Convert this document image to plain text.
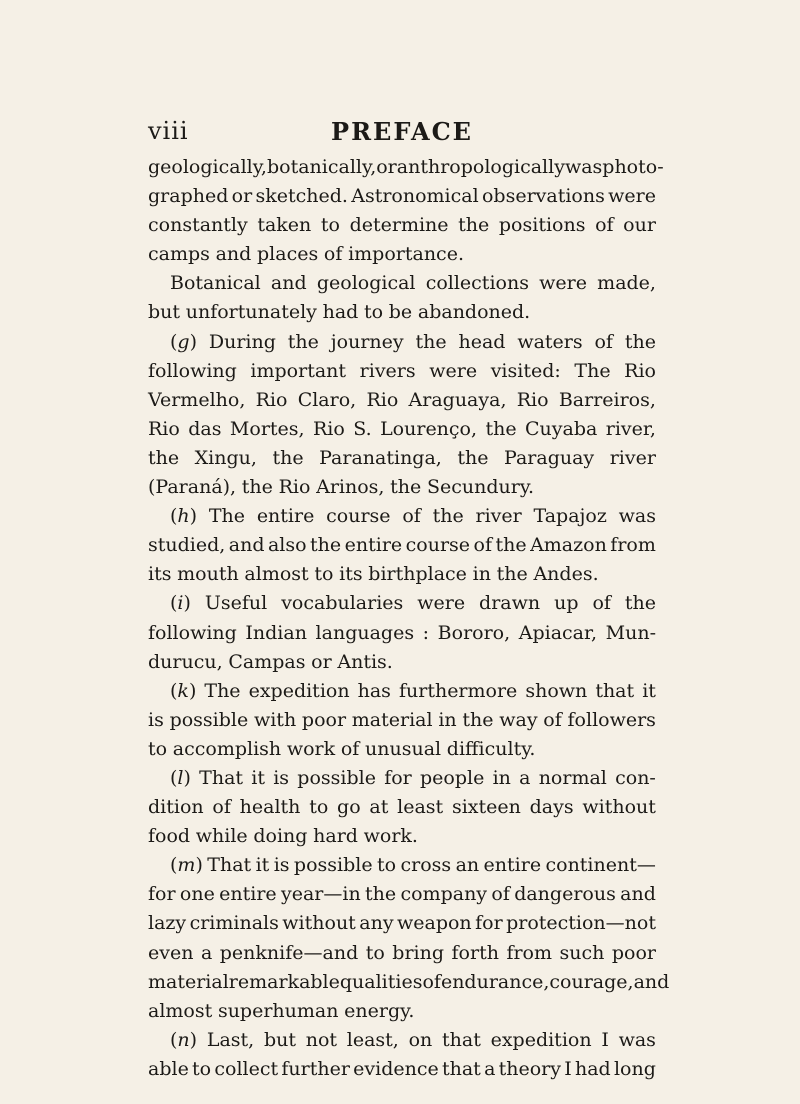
viii	PREFACE
geologically, botanically, or anthropologically was photo-
graphed or sketched. Astronomical observations were
constantly taken to determine the positions of our
camps and places of importance.
Botanical and geological collections were made,
but unfortunately had to be abandoned.
(g) During the journey the head waters of the
following important rivers were visited: The Rio
Vermelho, Rio Claro, Rio Araguaya, Rio Barreiros,
Rio das Mortes, Rio S. Lourenço, the Cuyaba river,
the Xingu, the Paranatinga, the Paraguay river
(Paraná), the Rio Arinos, the Secundury.
(h) The entire course of the river Tapajoz was
studied, and also the entire course of the Amazon from
its mouth almost to its birthplace in the Andes.
(i) Useful vocabularies were drawn up of the
following Indian languages : Bororo, Apiacar, Mun-
durucu, Campas or Antis.
(k) The expedition has furthermore shown that it
is possible with poor material in the way of followers
to accomplish work of unusual difficulty.
(l) That it is possible for people in a normal con-
dition of health to go at least sixteen days without
food while doing hard work.
(m) That it is possible to cross an entire continent—
for one entire year—in the company of dangerous and
lazy criminals without any weapon for protection—not
even a penknife—and to bring forth from such poor
material remarkable qualities of endurance, courage, and
almost superhuman energy.
(n) Last, but not least, on that expedition I was
able to collect further evidence that a theory I had long
